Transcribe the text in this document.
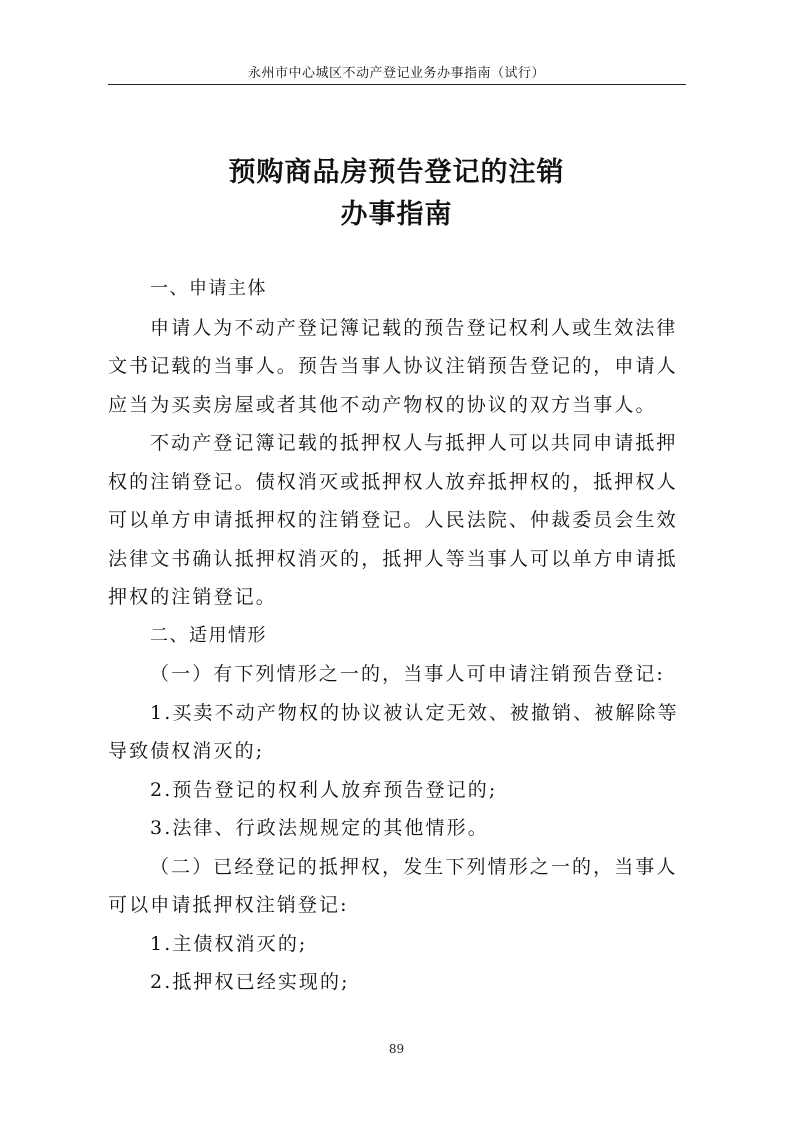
永州市中心城区不动产登记业务办事指南（试行）
预购商品房预告登记的注销
办事指南
一、申请主体
申请人为不动产登记簿记载的预告登记权利人或生效法律
文书记载的当事人。预告当事人协议注销预告登记的，申请人
应当为买卖房屋或者其他不动产物权的协议的双方当事人。
不动产登记簿记载的抵押权人与抵押人可以共同申请抵押
权的注销登记。债权消灭或抵押权人放弃抵押权的，抵押权人
可以单方申请抵押权的注销登记。人民法院、仲裁委员会生效
法律文书确认抵押权消灭的，抵押人等当事人可以单方申请抵
押权的注销登记。
二、适用情形
（一）有下列情形之一的，当事人可申请注销预告登记:
1.买卖不动产物权的协议被认定无效、被撤销、被解除等
导致债权消灭的;
2.预告登记的权利人放弃预告登记的;
3.法律、行政法规规定的其他情形。
（二）已经登记的抵押权，发生下列情形之一的，当事人
可以申请抵押权注销登记:
1.主债权消灭的;
2.抵押权已经实现的;
89
